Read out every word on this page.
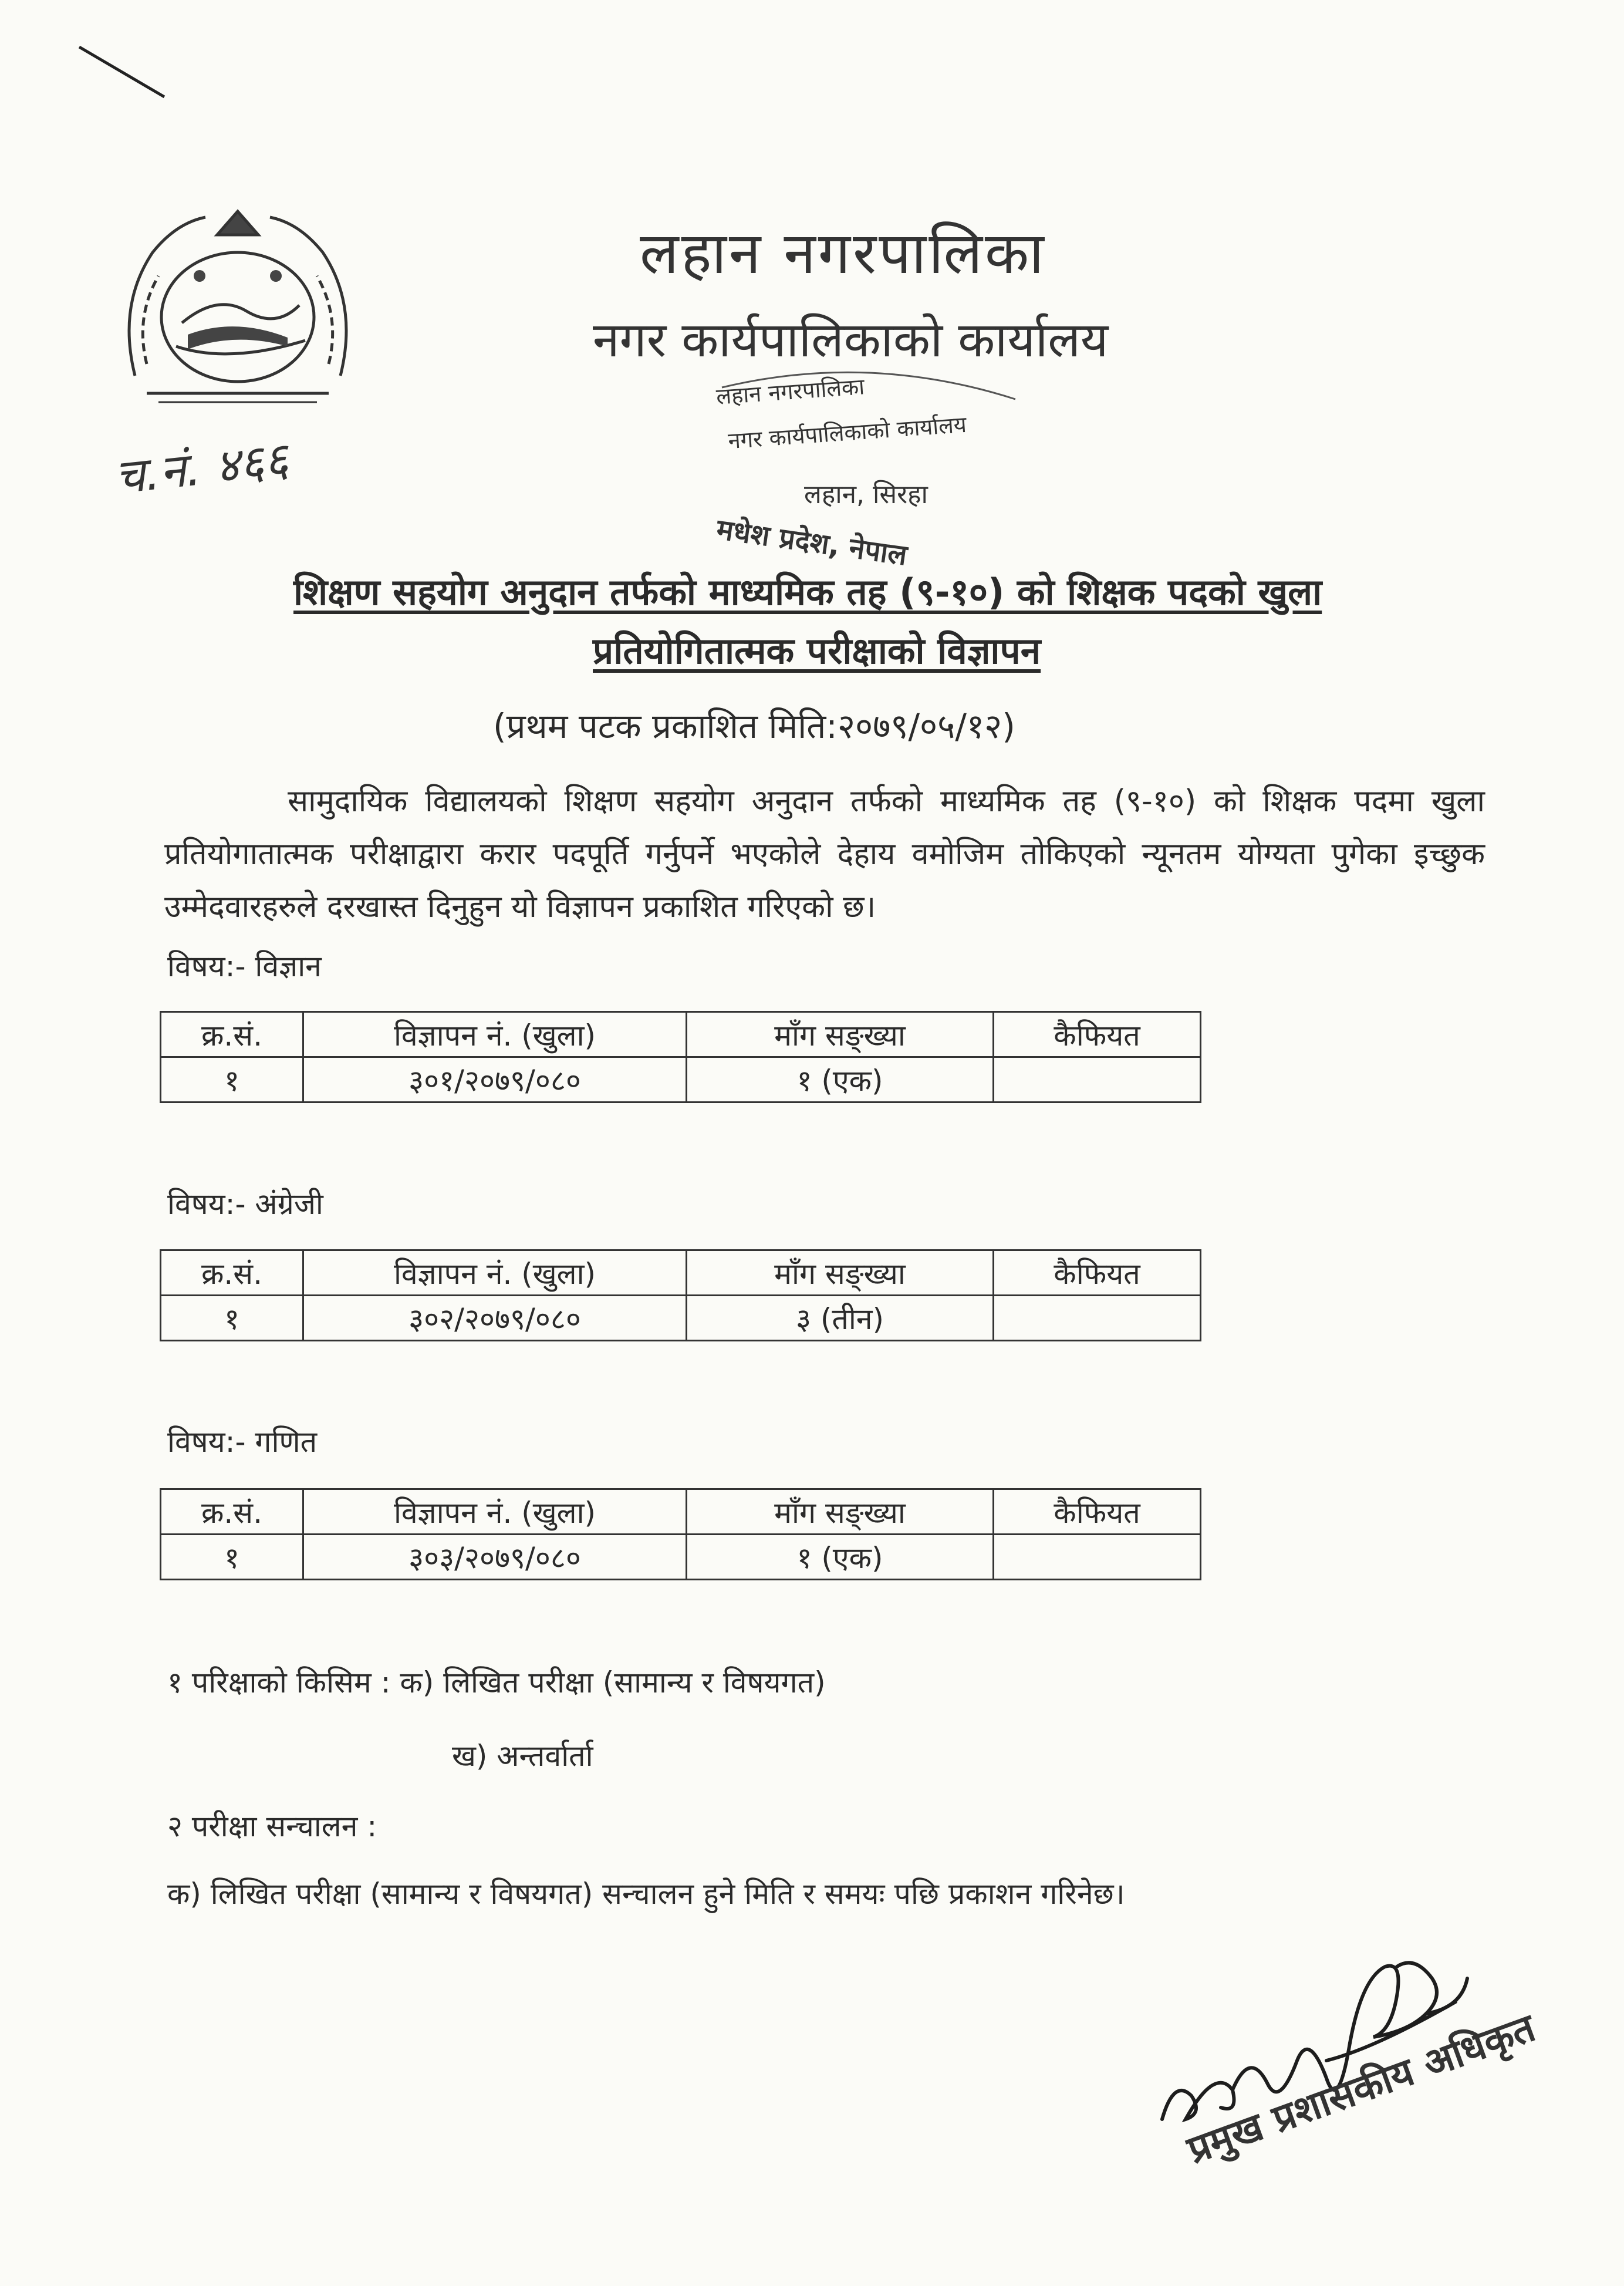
च.नं. ४६६
लहान नगरपालिका
नगर कार्यपालिकाको कार्यालय
लहान नगरपालिका
नगर कार्यपालिकाको कार्यालय
लहान, सिरहा
मधेश प्रदेश, नेपाल
शिक्षण सहयोग अनुदान तर्फको माध्यमिक तह (९-१०) को शिक्षक पदको खुला
प्रतियोगितात्मक परीक्षाको विज्ञापन
(प्रथम पटक प्रकाशित मिति:२०७९/०५/१२)
सामुदायिक विद्यालयको शिक्षण सहयोग अनुदान तर्फको माध्यमिक तह (९-१०) को शिक्षक पदमा खुला प्रतियोगातात्मक परीक्षाद्वारा करार पदपूर्ति गर्नुपर्ने भएकोले देहाय वमोजिम तोकिएको न्यूनतम योग्यता पुगेका इच्छुक उम्मेदवारहरुले दरखास्त दिनुहुन यो विज्ञापन प्रकाशित गरिएको छ।
विषय:- विज्ञान
क्र.सं.	विज्ञापन नं. (खुला)	माँग सङ्ख्या	कैफियत
१	३०१/२०७९/०८०	१ (एक)	
विषय:- अंग्रेजी
क्र.सं.	विज्ञापन नं. (खुला)	माँग सङ्ख्या	कैफियत
१	३०२/२०७९/०८०	३ (तीन)	
विषय:- गणित
क्र.सं.	विज्ञापन नं. (खुला)	माँग सङ्ख्या	कैफियत
१	३०३/२०७९/०८०	१ (एक)	
१ परिक्षाको किसिम : क) लिखित परीक्षा (सामान्य र विषयगत)
ख) अन्तर्वार्ता
२ परीक्षा सन्चालन :
क) लिखित परीक्षा (सामान्य र विषयगत) सन्चालन हुने मिति र समयः पछि प्रकाशन गरिनेछ।
प्रमुख प्रशासकीय अधिकृत
